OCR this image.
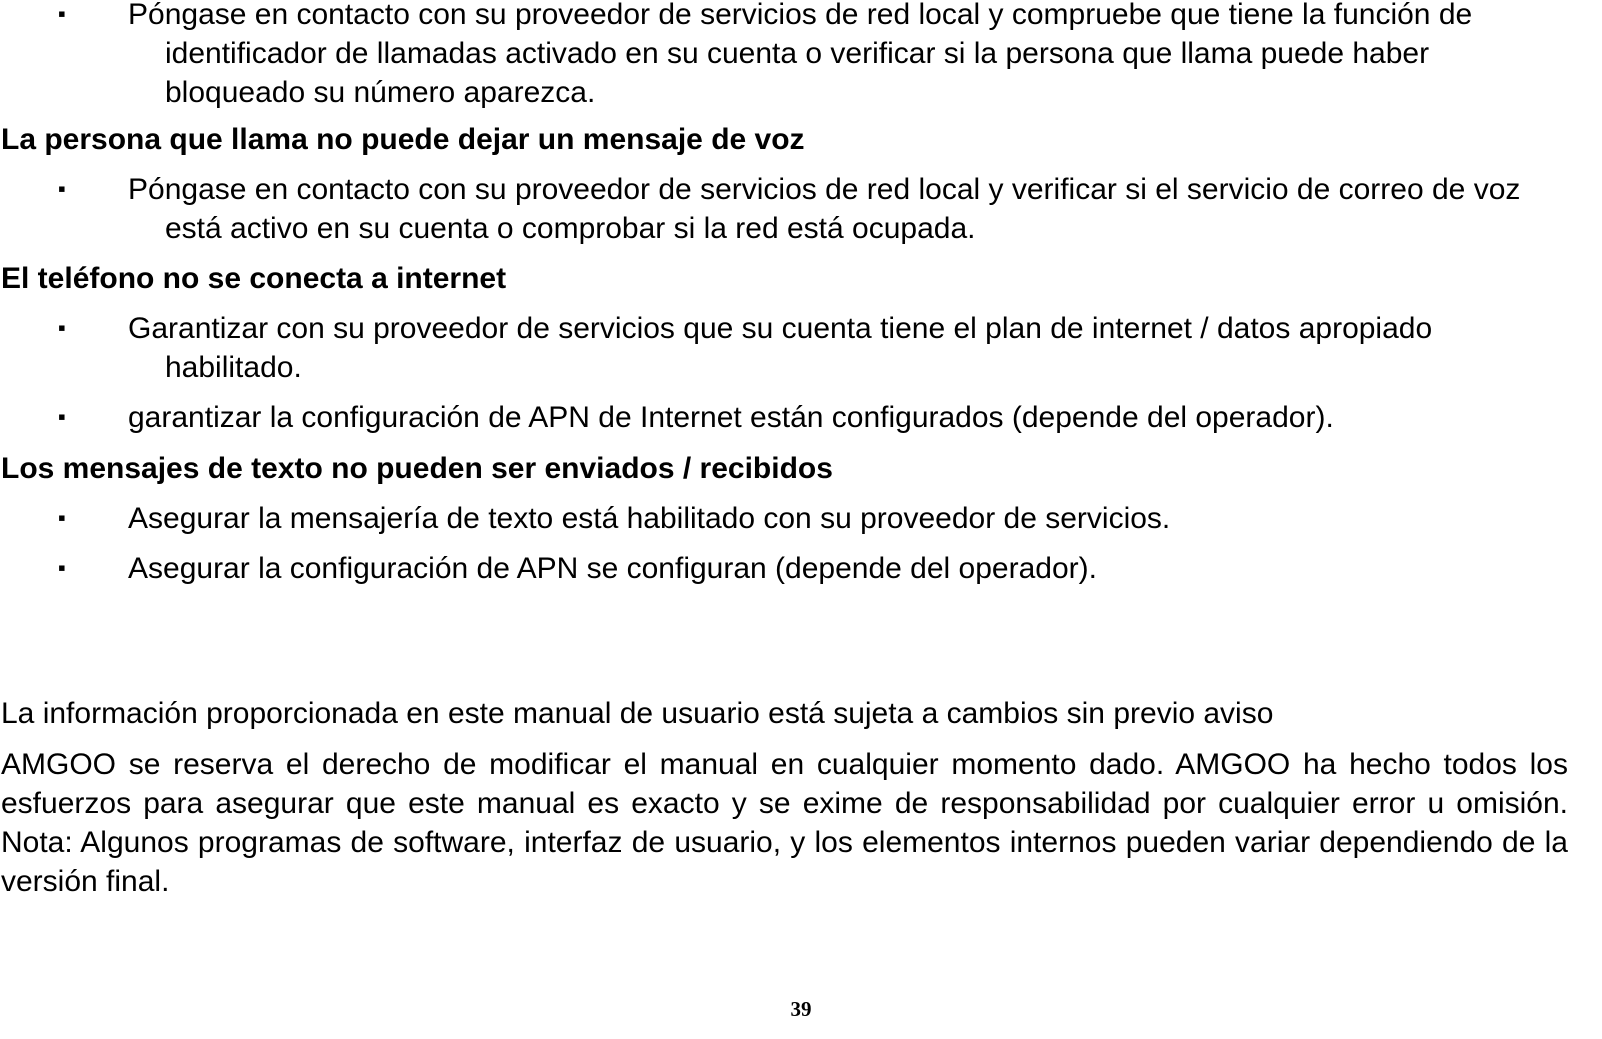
▪ Póngase en contacto con su proveedor de servicios de red local y compruebe que tiene la función de identificador de llamadas activado en su cuenta o verificar si la persona que llama puede haber bloqueado su número aparezca.
La persona que llama no puede dejar un mensaje de voz
▪ Póngase en contacto con su proveedor de servicios de red local y verificar si el servicio de correo de voz está activo en su cuenta o comprobar si la red está ocupada.
El teléfono no se conecta a internet
▪ Garantizar con su proveedor de servicios que su cuenta tiene el plan de internet / datos apropiado habilitado.
▪ garantizar la configuración de APN de Internet están configurados (depende del operador).
Los mensajes de texto no pueden ser enviados / recibidos
▪ Asegurar la mensajería de texto está habilitado con su proveedor de servicios.
▪ Asegurar la configuración de APN se configuran (depende del operador).
La información proporcionada en este manual de usuario está sujeta a cambios sin previo aviso
AMGOO se reserva el derecho de modificar el manual en cualquier momento dado. AMGOO ha hecho todos los esfuerzos para asegurar que este manual es exacto y se exime de responsabilidad por cualquier error u omisión. Nota: Algunos programas de software, interfaz de usuario, y los elementos internos pueden variar dependiendo de la versión final.
39
